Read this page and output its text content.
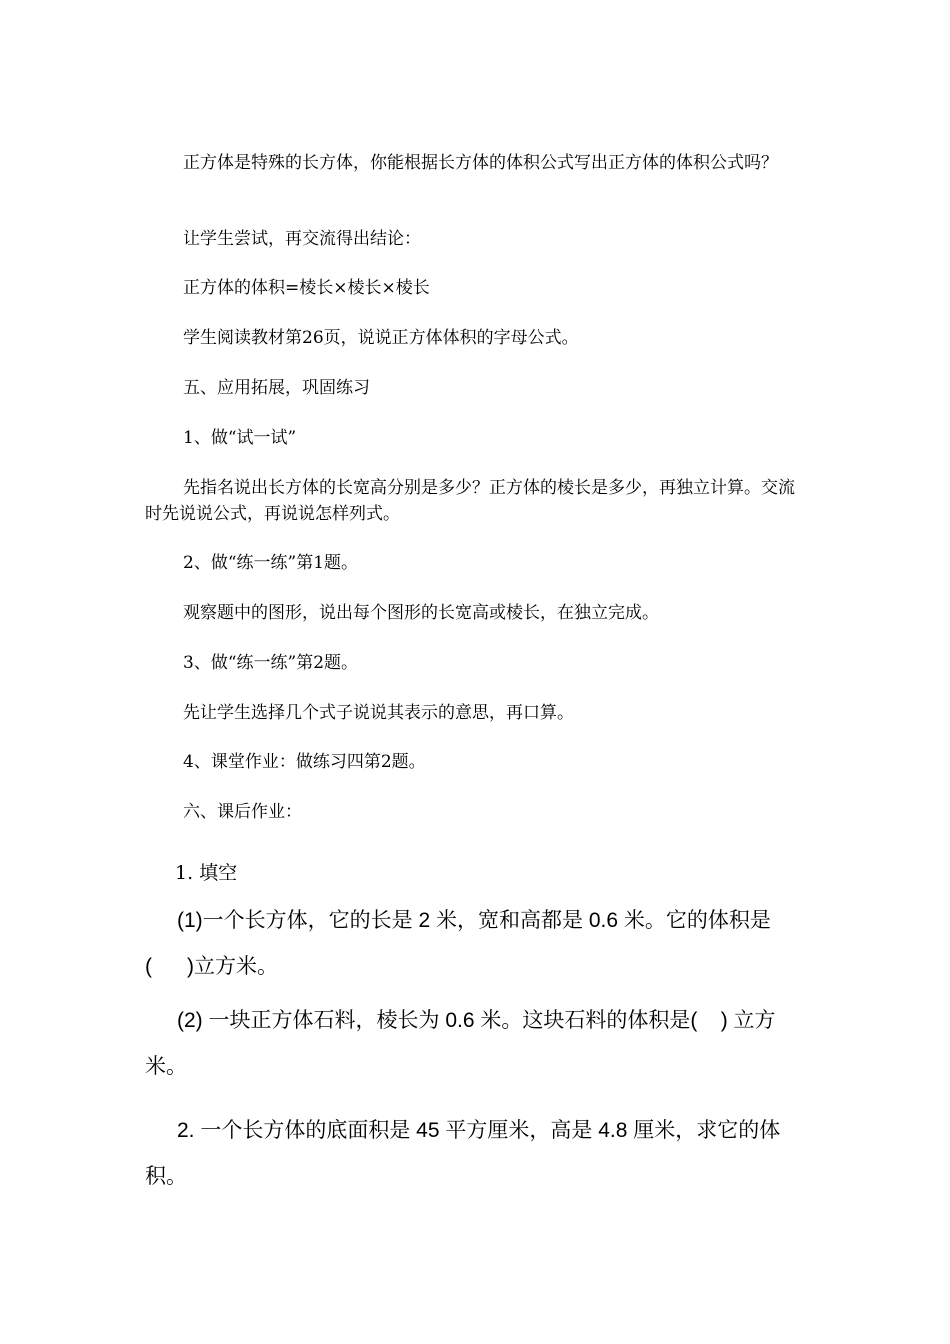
正方体是特殊的长方体，你能根据长方体的体积公式写出正方体的体积公式吗？

让学生尝试，再交流得出结论：

正方体的体积=棱长×棱长×棱长

学生阅读教材第26页，说说正方体体积的字母公式。

五、应用拓展，巩固练习

1、做“试一试”

先指名说出长方体的长宽高分别是多少？正方体的棱长是多少，再独立计算。交流时先说说公式，再说说怎样列式。

2、做“练一练”第1题。

观察题中的图形，说出每个图形的长宽高或棱长，在独立完成。

3、做“练一练”第2题。

先让学生选择几个式子说说其表示的意思，再口算。

4、课堂作业：做练习四第2题。

六、课后作业：

1. 填空

(1)一个长方体，它的长是 2 米，宽和高都是 0.6 米。它的体积是(      )立方米。

(2) 一块正方体石料，棱长为 0.6 米。这块石料的体积是(    ) 立方米。

2. 一个长方体的底面积是 45 平方厘米，高是 4.8 厘米，求它的体积。
